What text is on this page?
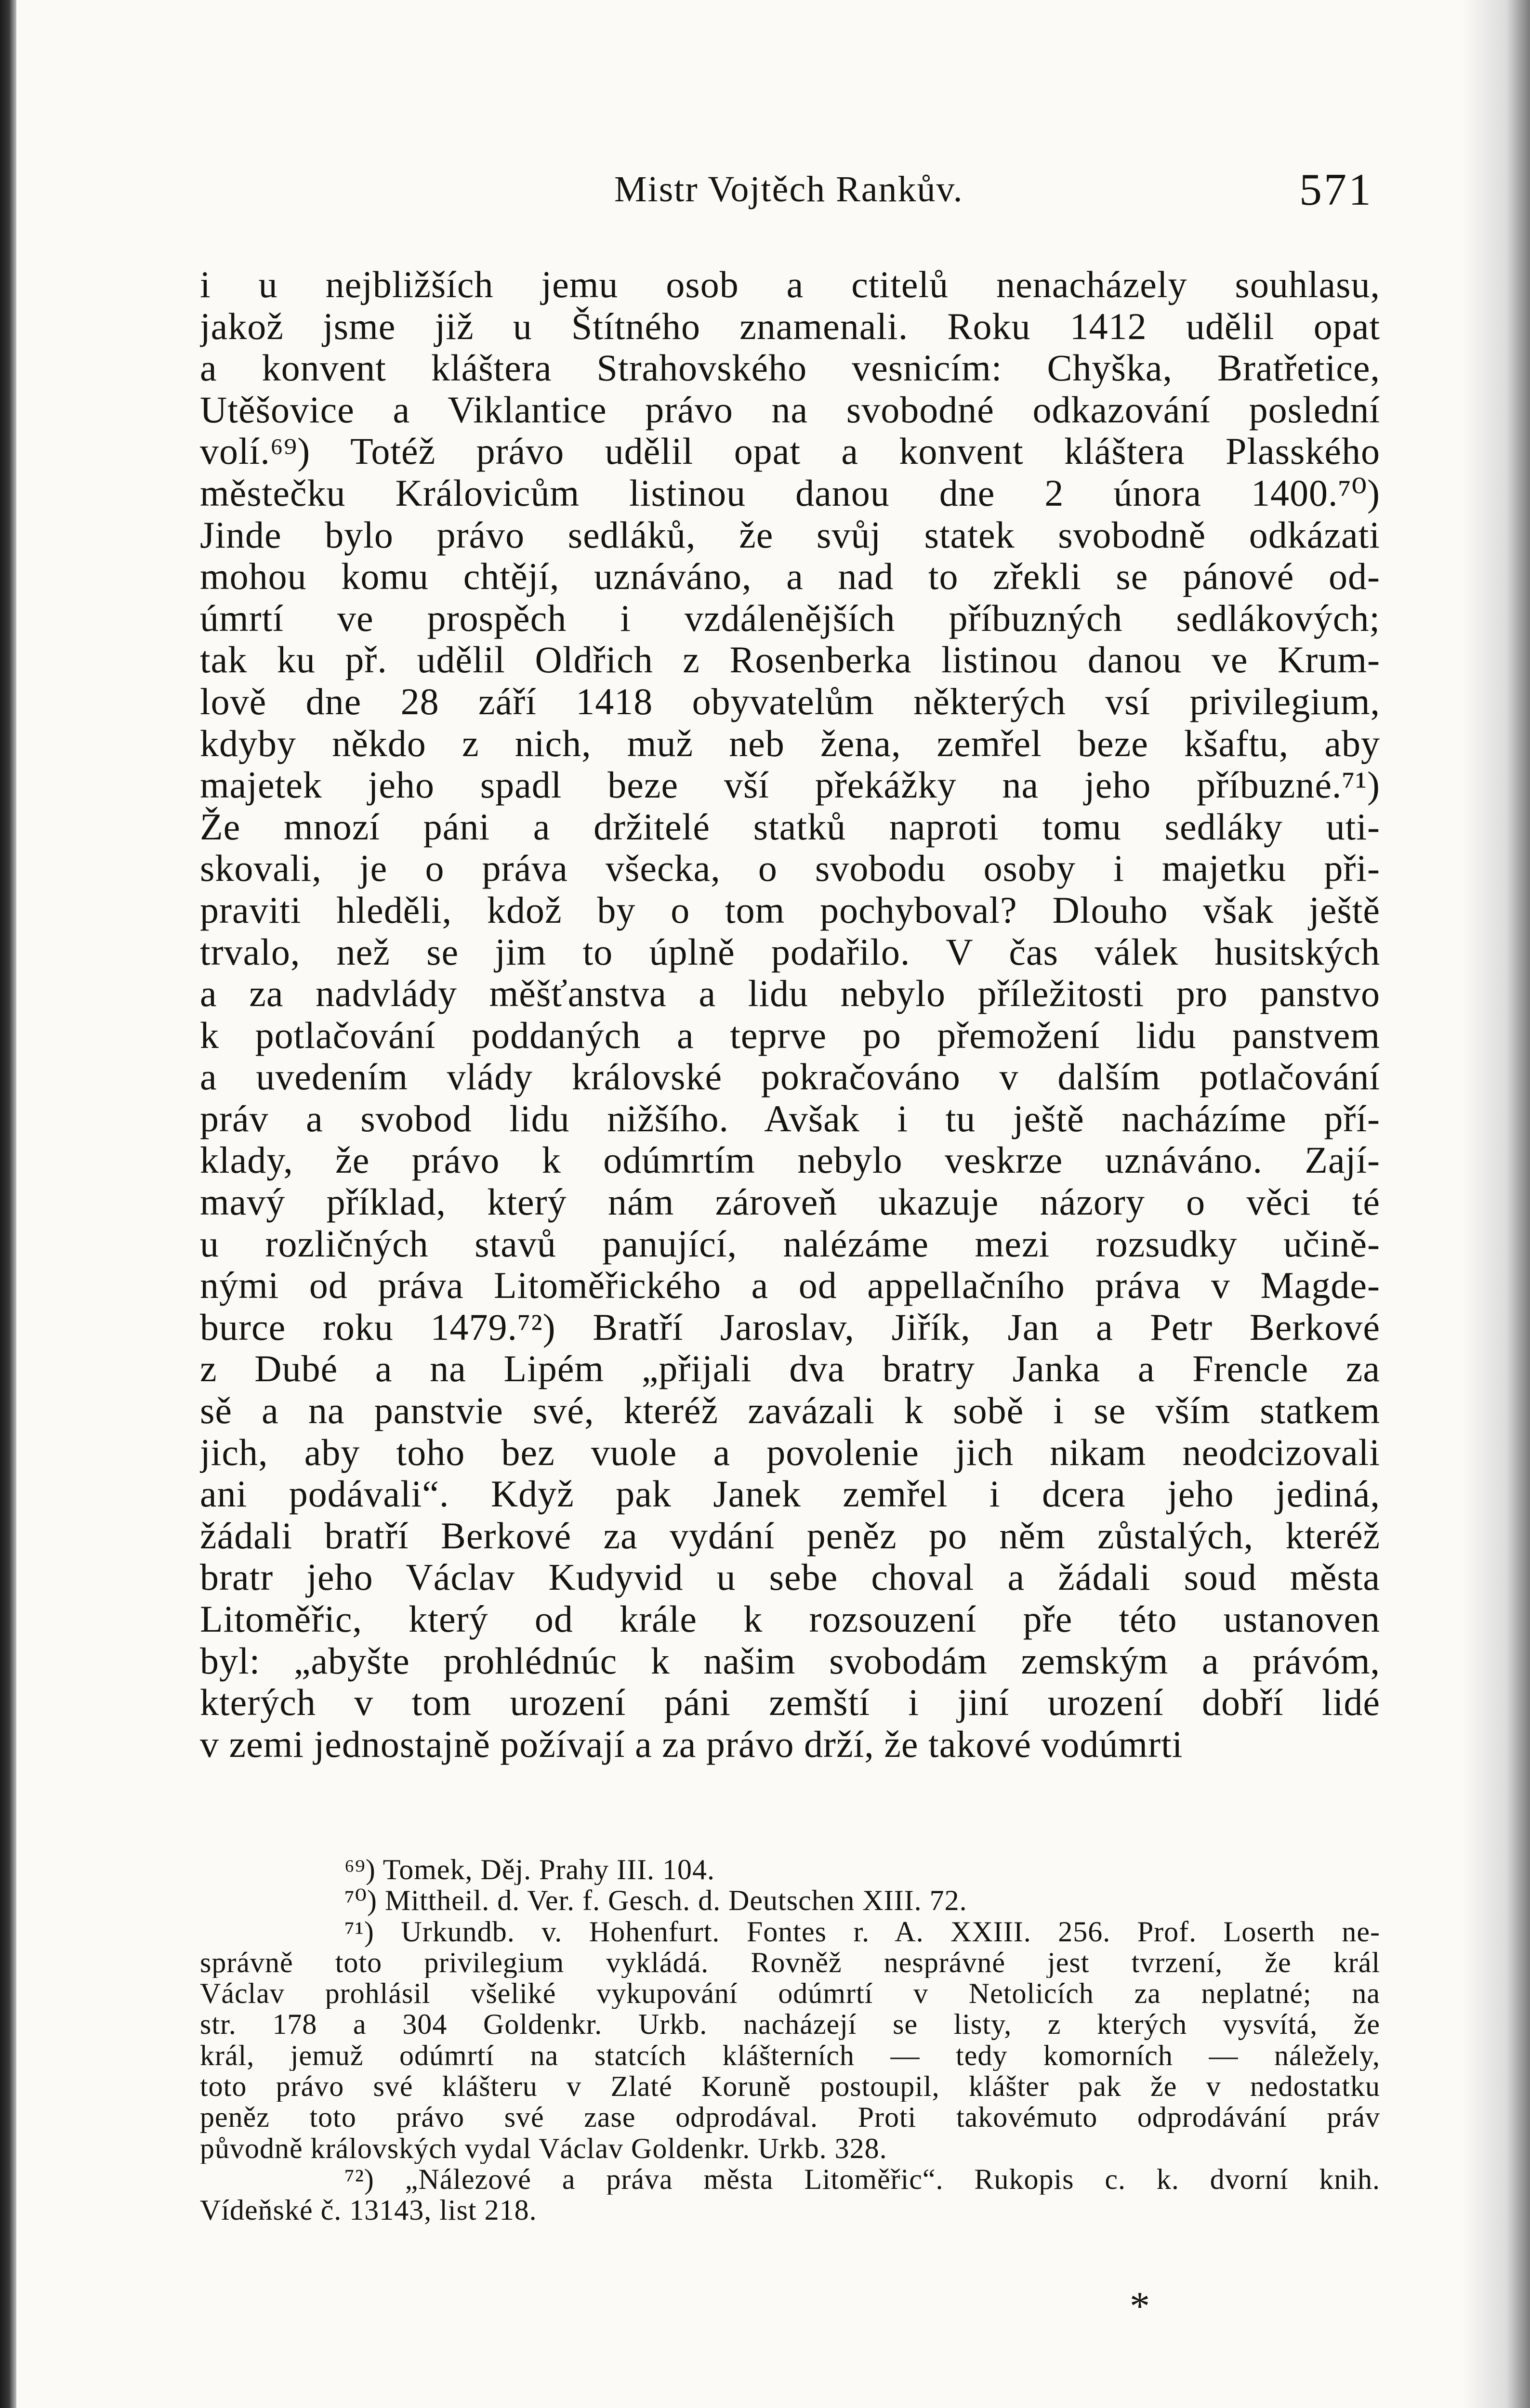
Mistr Vojtěch Rankův.	571
i u nejbližších jemu osob a ctitelů nenacházely souhlasu,
jakož jsme již u Štítného znamenali. Roku 1412 udělil opat
a konvent kláštera Strahovského vesnicím: Chyška, Bratřetice,
Utěšovice a Viklantice právo na svobodné odkazování poslední
volí.⁶⁹) Totéž právo udělil opat a konvent kláštera Plasského
městečku Královicům listinou danou dne 2 února 1400.⁷⁰)
Jinde bylo právo sedláků, že svůj statek svobodně odkázati
mohou komu chtějí, uznáváno, a nad to zřekli se pánové od-
úmrtí ve prospěch i vzdálenějších příbuzných sedlákových;
tak ku př. udělil Oldřich z Rosenberka listinou danou ve Krum-
lově dne 28 září 1418 obyvatelům některých vsí privilegium,
kdyby někdo z nich, muž neb žena, zemřel beze kšaftu, aby
majetek jeho spadl beze vší překážky na jeho příbuzné.⁷¹)
Že mnozí páni a držitelé statků naproti tomu sedláky uti-
skovali, je o práva všecka, o svobodu osoby i majetku při-
praviti hleděli, kdož by o tom pochyboval? Dlouho však ještě
trvalo, než se jim to úplně podařilo. V čas válek husitských
a za nadvlády měšťanstva a lidu nebylo příležitosti pro panstvo
k potlačování poddaných a teprve po přemožení lidu panstvem
a uvedením vlády královské pokračováno v dalším potlačování
práv a svobod lidu nižšího. Avšak i tu ještě nacházíme pří-
klady, že právo k odúmrtím nebylo veskrze uznáváno. Zají-
mavý příklad, který nám zároveň ukazuje názory o věci té
u rozličných stavů panující, nalézáme mezi rozsudky učině-
nými od práva Litoměřického a od appellačního práva v Magde-
burce roku 1479.⁷²) Bratří Jaroslav, Jiřík, Jan a Petr Berkové
z Dubé a na Lipém „přijali dva bratry Janka a Frencle za
sě a na panstvie své, kteréž zavázali k sobě i se vším statkem
jich, aby toho bez vuole a povolenie jich nikam neodcizovali
ani podávali“. Když pak Janek zemřel i dcera jeho jediná,
žádali bratří Berkové za vydání peněz po něm zůstalých, kteréž
bratr jeho Václav Kudyvid u sebe choval a žádali soud města
Litoměřic, který od krále k rozsouzení pře této ustanoven
byl: „abyšte prohlédnúc k našim svobodám zemským a právóm,
kterých v tom urození páni zemští i jiní urození dobří lidé
v zemi jednostajně požívají a za právo drží, že takové vodúmrti
⁶⁹) Tomek, Děj. Prahy III. 104.
⁷⁰) Mittheil. d. Ver. f. Gesch. d. Deutschen XIII. 72.
⁷¹) Urkundb. v. Hohenfurt. Fontes r. A. XXIII. 256. Prof. Loserth ne-
správně toto privilegium vykládá. Rovněž nesprávné jest tvrzení, že král
Václav prohlásil všeliké vykupování odúmrtí v Netolicích za neplatné; na
str. 178 a 304 Goldenkr. Urkb. nacházejí se listy, z kterých vysvítá, že
král, jemuž odúmrtí na statcích klášterních — tedy komorních — náležely,
toto právo své klášteru v Zlaté Koruně postoupil, klášter pak že v nedostatku
peněz toto právo své zase odprodával. Proti takovémuto odprodávání práv
původně královských vydal Václav Goldenkr. Urkb. 328.
⁷²) „Nálezové a práva města Litoměřic“. Rukopis c. k. dvorní knih.
Vídeňské č. 13143, list 218.
*
